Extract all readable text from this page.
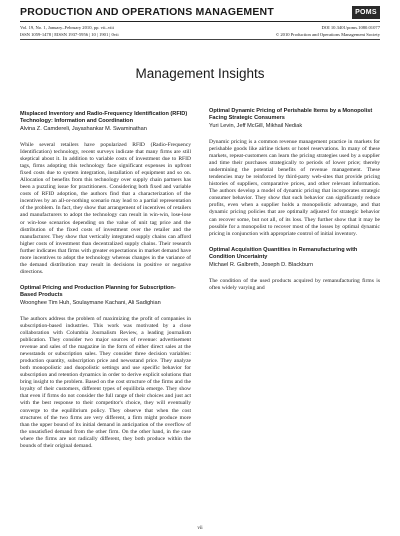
PRODUCTION AND OPERATIONS MANAGEMENT	POMS
Vol. 19, No. 1, January–February 2010, pp. vii–viii
ISSN 1059-1478 | EISSN 1937-5956 | 10 | 1901 | 0vii
DOI 10.3401/poms.1080.01077
© 2010 Production and Operations Management Society
Management Insights
Misplaced Inventory and Radio-Frequency Identification (RFID) Technology: Information and Coordination
Alvina Z. Camdereli, Jayashankar M. Swaminathan
While several retailers have popularized RFID (Radio-Frequency Identification) technology, recent surveys indicate that many firms are still skeptical about it. In addition to variable costs of investment due to RFID tags, firms adopting this technology face significant expenses in upfront fixed costs due to system integration, installation of equipment and so on. Allocation of benefits from this technology over supply chain partners has been a puzzling issue for practitioners. Considering both fixed and variable costs of RFID adoption, the authors find that a characterization of the incentives by an all-or-nothing scenario may lead to a partial representation of the problem. In fact, they show that arrangement of incentives of retailers and manufacturers to adopt the technology can result in win-win, lose-lose or win-lose scenarios depending on the value of unit tag price and the distribution of the fixed costs of investment over the retailer and the manufacturer. They show that vertically integrated supply chains can afford higher costs of investment than decentralized supply chains. Their research further indicates that firms with greater expectations in market demand have more incentives to adopt the technology whereas changes in the variance of the demand distribution may result in decisions in positive or negative directions.
Optimal Pricing and Production Planning for Subscription-Based Products
Woonghee Tim Huh, Soulaymane Kachani, Ali Sadighian
The authors address the problem of maximizing the profit of companies in subscription-based industries. This work was motivated by a close collaboration with Columbia Journalism Review, a leading journalism publication. They consider two major sources of revenue: advertisement revenue and sales of the magazine in the form of either direct sales at the newsstands or subscription sales. They consider three decision variables: production quantity, subscription price and newsstand price. They analyze both monopolistic and duopolistic settings and use specific behavior for subscription and retention dynamics in order to derive explicit solutions that bring insight to the problem. Based on the cost structure of the firms and the loyalty of their customers, different types of equilibria emerge. They show that even if firms do not consider the full range of their choices and just act with the best response to their competitor's choice, they will eventually converge to the equilibrium policy. They observe that when the cost structures of the two firms are very different, a firm might produce more than the upper bound of its initial demand in anticipation of the overflow of the unsatisfied demand from the other firm. On the other hand, in the case where the firms are not radically different, they both produce within the bounds of their original demand.
Optimal Dynamic Pricing of Perishable Items by a Monopolist Facing Strategic Consumers
Yuri Levin, Jeff McGill, Mikhail Nediak
Dynamic pricing is a common revenue management practice in markets for perishable goods like airline tickets or hotel reservations. In many of these markets, repeat-customers can learn the pricing strategies used by a supplier and time their purchases strategically to periods of lower price; thereby undermining the potential benefits of revenue management. These tendencies may be reinforced by third-party web-sites that provide pricing histories of suppliers, comparative prices, and other relevant information. The authors develop a model of dynamic pricing that incorporates strategic consumer behavior. They show that such behavior can significantly reduce profits, even when a supplier holds a monopolistic advantage, and that dynamic pricing policies that are optimally adjusted for strategic behavior can recover some, but not all, of its loss. They further show that it may be possible for a monopolist to recover most of the losses by optimal dynamic pricing in conjunction with appropriate control of initial inventory.
Optimal Acquisition Quantities in Remanufacturing with Condition Uncertainty
Michael R. Galbreth, Joseph D. Blackburn
The condition of the used products acquired by remanufacturing firms is often widely varying and
vii
